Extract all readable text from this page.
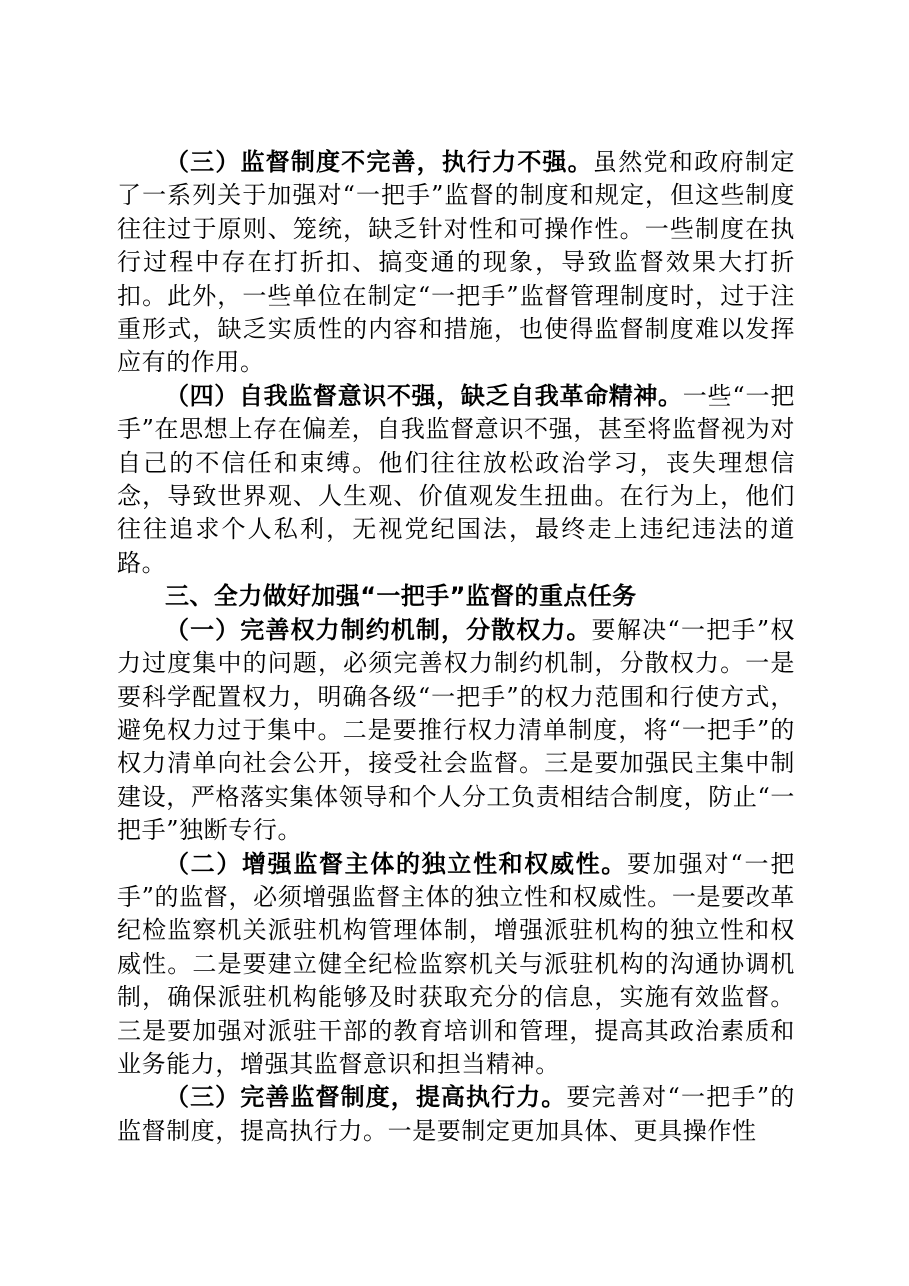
（三）监督制度不完善，执行力不强。虽然党和政府制定了一系列关于加强对“一把手”监督的制度和规定，但这些制度往往过于原则、笼统，缺乏针对性和可操作性。一些制度在执行过程中存在打折扣、搞变通的现象，导致监督效果大打折扣。此外，一些单位在制定“一把手”监督管理制度时，过于注重形式，缺乏实质性的内容和措施，也使得监督制度难以发挥应有的作用。

（四）自我监督意识不强，缺乏自我革命精神。一些“一把手”在思想上存在偏差，自我监督意识不强，甚至将监督视为对自己的不信任和束缚。他们往往放松政治学习，丧失理想信念，导致世界观、人生观、价值观发生扭曲。在行为上，他们往往追求个人私利，无视党纪国法，最终走上违纪违法的道路。

三、全力做好加强“一把手”监督的重点任务

（一）完善权力制约机制，分散权力。要解决“一把手”权力过度集中的问题，必须完善权力制约机制，分散权力。一是要科学配置权力，明确各级“一把手”的权力范围和行使方式，避免权力过于集中。二是要推行权力清单制度，将“一把手”的权力清单向社会公开，接受社会监督。三是要加强民主集中制建设，严格落实集体领导和个人分工负责相结合制度，防止“一把手”独断专行。

（二）增强监督主体的独立性和权威性。要加强对“一把手”的监督，必须增强监督主体的独立性和权威性。一是要改革纪检监察机关派驻机构管理体制，增强派驻机构的独立性和权威性。二是要建立健全纪检监察机关与派驻机构的沟通协调机制，确保派驻机构能够及时获取充分的信息，实施有效监督。三是要加强对派驻干部的教育培训和管理，提高其政治素质和业务能力，增强其监督意识和担当精神。

（三）完善监督制度，提高执行力。要完善对“一把手”的监督制度，提高执行力。一是要制定更加具体、更具操作性
